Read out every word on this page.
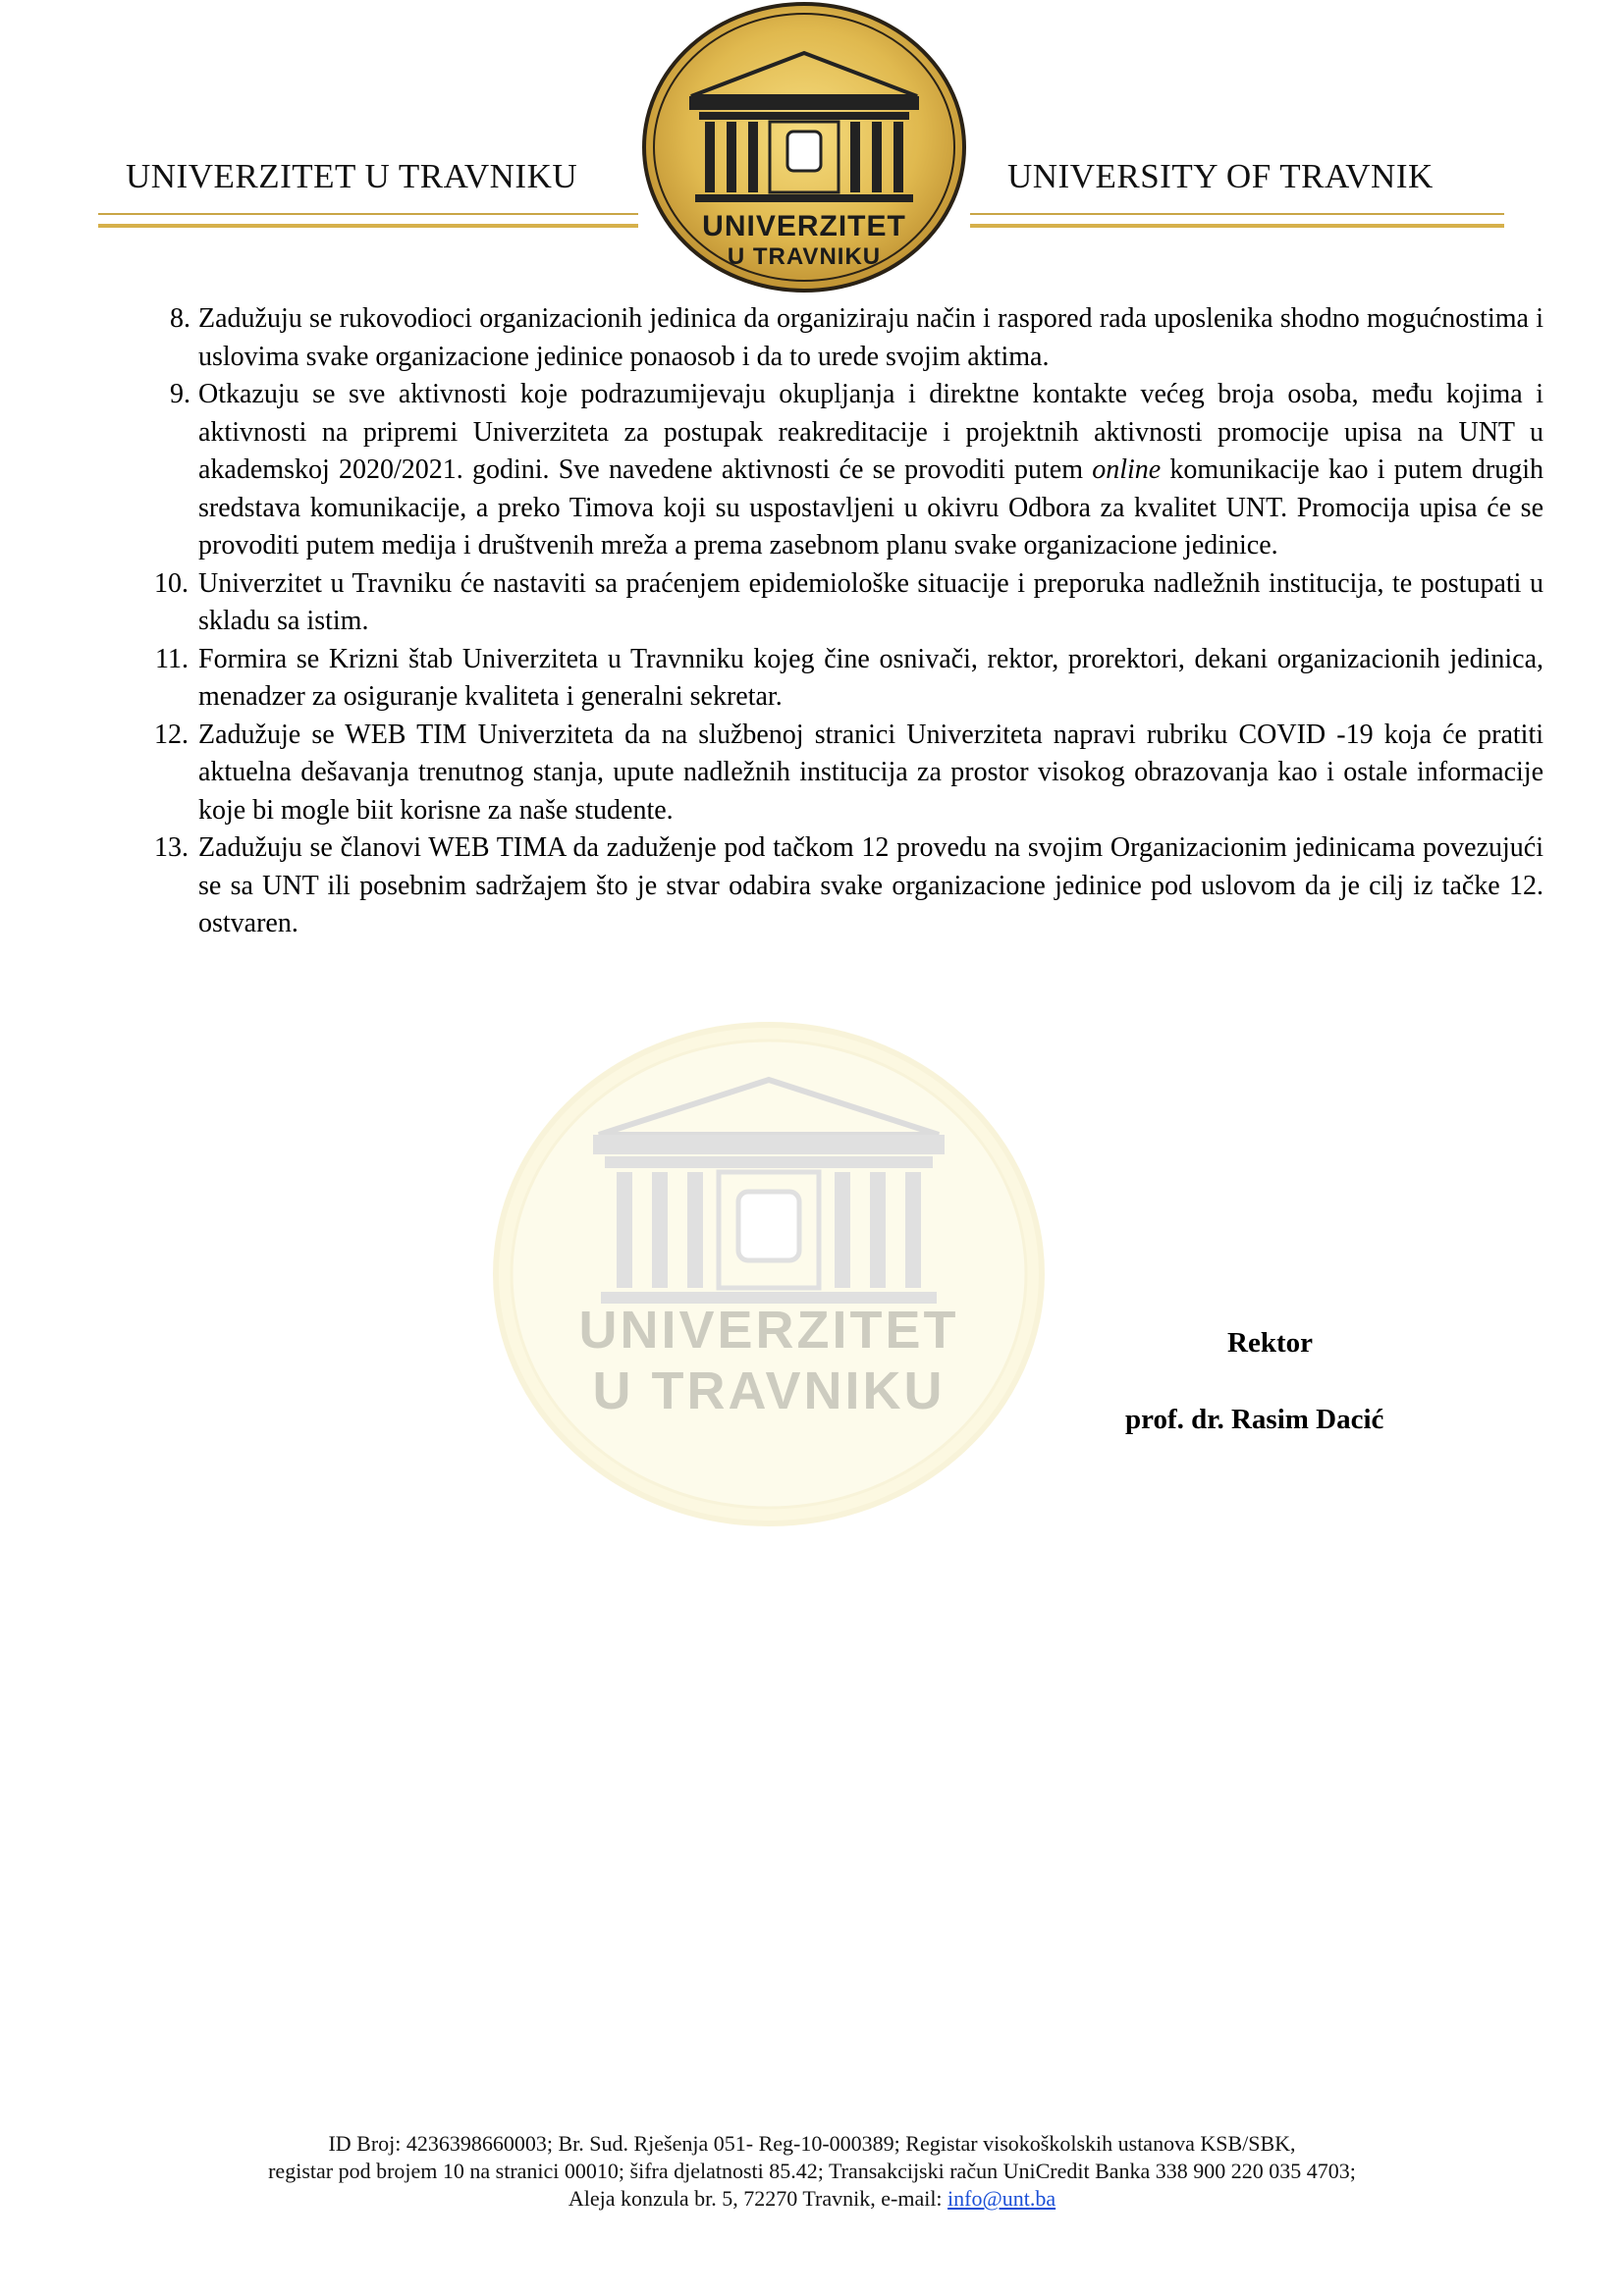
UNIVERZITET U TRAVNIKU	UNIVERSITY OF TRAVNIK
UNIVERZITET
U TRAVNIKU

8. Zadužuju se rukovodioci organizacionih jedinica da organiziraju način i raspored rada uposlenika shodno mogućnostima i uslovima svake organizacione jedinice ponaosob i da to urede svojim aktima.

9. Otkazuju se sve aktivnosti koje podrazumijevaju okupljanja i direktne kontakte većeg broja osoba, među kojima i aktivnosti na pripremi Univerziteta za postupak reakreditacije i projektnih aktivnosti promocije upisa na UNT u akademskoj 2020/2021. godini. Sve navedene aktivnosti će se provoditi putem online komunikacije kao i putem drugih sredstava komunikacije, a preko Timova koji su uspostavljeni u okivru Odbora za kvalitet UNT. Promocija upisa će se provoditi putem medija i društvenih mreža a prema zasebnom planu svake organizacione jedinice.

10. Univerzitet u Travniku će nastaviti sa praćenjem epidemiološke situacije i preporuka nadležnih institucija, te postupati u skladu sa istim.

11. Formira se Krizni štab Univerziteta u Travnniku kojeg čine osnivači, rektor, prorektori, dekani organizacionih jedinica, menadzer za osiguranje kvaliteta i generalni sekretar.

12. Zadužuje se WEB TIM Univerziteta da na službenoj stranici Univerziteta napravi rubriku COVID -19 koja će pratiti aktuelna dešavanja trenutnog stanja, upute nadležnih institucija za prostor visokog obrazovanja kao i ostale informacije koje bi mogle biit korisne za naše studente.

13. Zadužuju se članovi WEB TIMA da zaduženje pod tačkom 12 provedu na svojim Organizacionim jedinicama povezujući se sa UNT ili posebnim sadržajem što je stvar odabira svake organizacione jedinice pod uslovom da je cilj iz tačke 12. ostvaren.

UNIVERZITET
U TRAVNIKU
Rektor
prof. dr. Rasim Dacić
ID Broj: 4236398660003; Br. Sud. Rješenja 051- Reg-10-000389; Registar visokoškolskih ustanova KSB/SBK,
registar pod brojem 10 na stranici 00010; šifra djelatnosti 85.42; Transakcijski račun UniCredit Banka 338 900 220 035 4703;
Aleja konzula br. 5, 72270 Travnik, e-mail: info@unt.ba
